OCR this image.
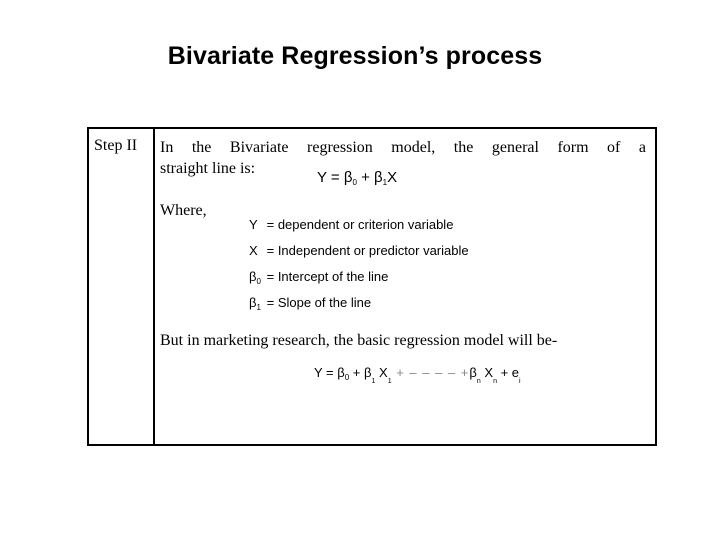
Bivariate Regression’s process
Step II In the Bivariate regression model, the general form of a
straight line is:
$Y = \beta_0 + \beta_1X$
Where,
Y = dependent or criterion variable
X = Independent or predictor variable
$\beta_0$ = Intercept of the line
$\beta_1$ = Slope of the line
But in marketing research, the basic regression model will be-
$Y = \beta_0 + \beta_1$ $X_1$ + – – – – $+\beta_n$ $X_n + e_i$
